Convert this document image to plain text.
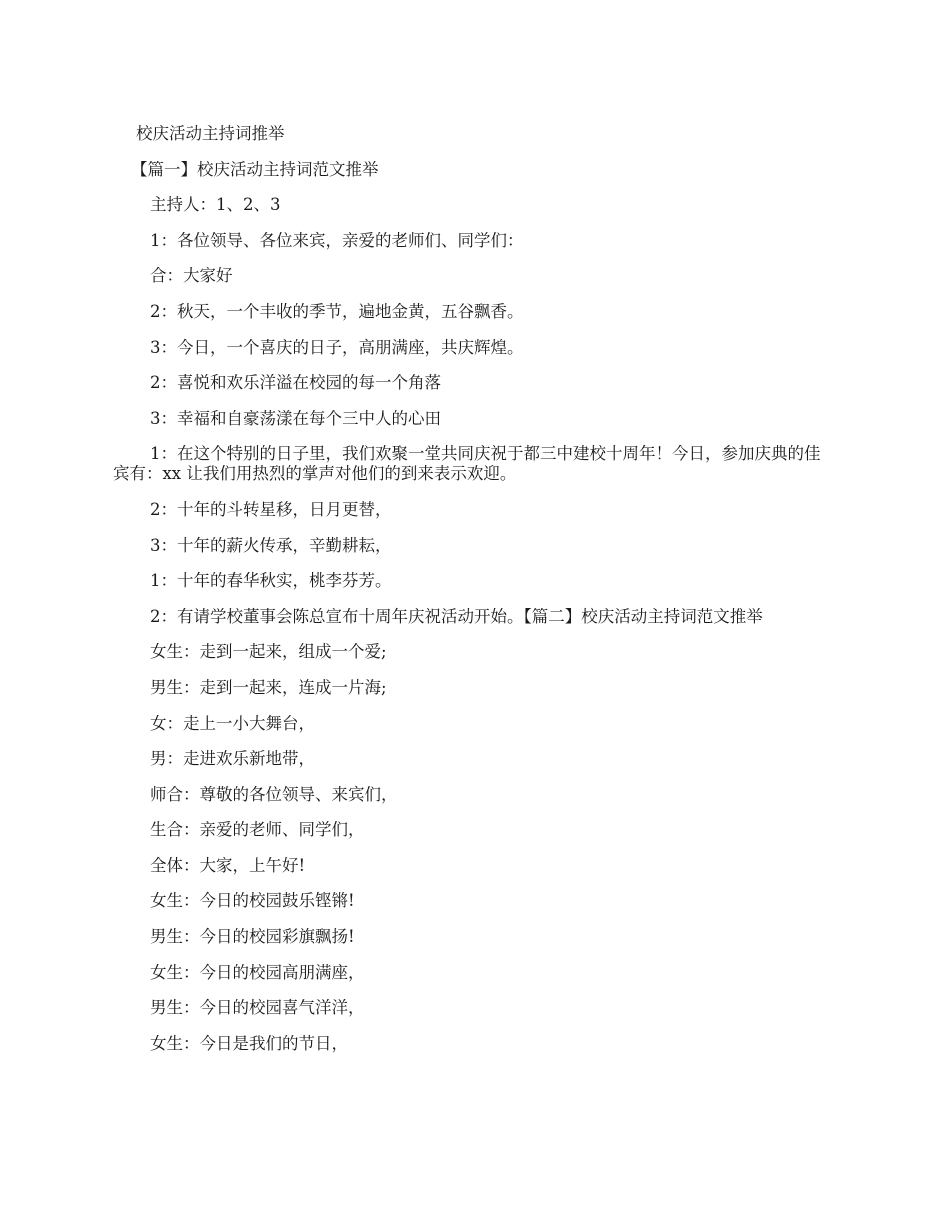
校庆活动主持词推举
【篇一】校庆活动主持词范文推举
主持人：1、2、3
1：各位领导、各位来宾，亲爱的老师们、同学们：
合：大家好
2：秋天，一个丰收的季节，遍地金黄，五谷飘香。
3：今日，一个喜庆的日子，高朋满座，共庆辉煌。
2：喜悦和欢乐洋溢在校园的每一个角落
3：幸福和自豪荡漾在每个三中人的心田
1：在这个特别的日子里，我们欢聚一堂共同庆祝于都三中建校十周年！今日，参加庆典的佳宾有：xx 让我们用热烈的掌声对他们的到来表示欢迎。
2：十年的斗转星移，日月更替，
3：十年的薪火传承，辛勤耕耘，
1：十年的春华秋实，桃李芬芳。
2：有请学校董事会陈总宣布十周年庆祝活动开始。【篇二】校庆活动主持词范文推举
女生：走到一起来，组成一个爱;
男生：走到一起来，连成一片海;
女：走上一小大舞台，
男：走进欢乐新地带，
师合：尊敬的各位领导、来宾们，
生合：亲爱的老师、同学们，
全体：大家，上午好!
女生：今日的校园鼓乐铿锵!
男生：今日的校园彩旗飘扬!
女生：今日的校园高朋满座，
男生：今日的校园喜气洋洋，
女生：今日是我们的节日，
